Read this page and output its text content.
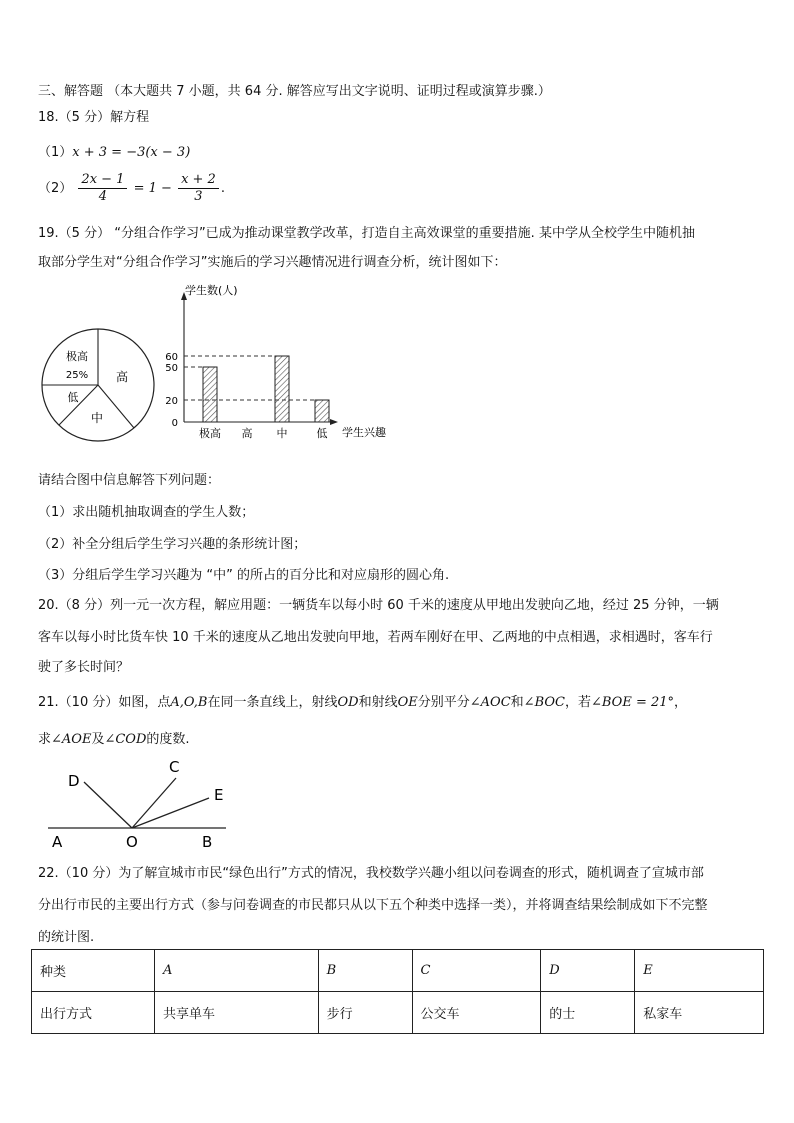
三、解答题 （本大题共 7 小题，共 64 分. 解答应写出文字说明、证明过程或演算步骤.）
18.（5 分）解方程
（1）x + 3 = −3(x − 3)
$(2) \frac{2x - 1}{4} = 1 - \frac{x + 2}{3}$ .
19.（5 分） “分组合作学习”已成为推动课堂教学改革，打造自主高效课堂的重要措施. 某中学从全校学生中随机抽
取部分学生对“分组合作学习”实施后的学习兴趣情况进行调查分析，统计图如下：
极高
25% 高
中
低
学生数(人)
学生兴趣
0
20
50
60
极高 高 中	低
请结合图中信息解答下列问题：
（1）求出随机抽取调查的学生人数；
（2）补全分组后学生学习兴趣的条形统计图；
（3）分组后学生学习兴趣为 “中” 的所占的百分比和对应扇形的圆心角.
20.（8 分）列一元一次方程，解应用题：一辆货车以每小时 60 千米的速度从甲地出发驶向乙地，经过 25 分钟，一辆
客车以每小时比货车快 10 千米的速度从乙地出发驶向甲地，若两车刚好在甲、乙两地的中点相遇，求相遇时，客车行
驶了多长时间？
21.（10 分）如图，点A,O,B在同一条直线上，射线OD和射线OE分别平分∠AOC和∠BOC，若∠BOE = 21°，
求∠AOE及∠COD的度数.
A	O	B
C
D
E
22.（10 分）为了解宣城市市民“绿色出行”方式的情况，我校数学兴趣小组以问卷调查的形式，随机调查了宣城市部
分出行市民的主要出行方式（参与问卷调查的市民都只从以下五个种类中选择一类），并将调查结果绘制成如下不完整
的统计图.
种类	A	B	C	D	E
出行方式	共享单车	步行	公交车	的士	私家车
